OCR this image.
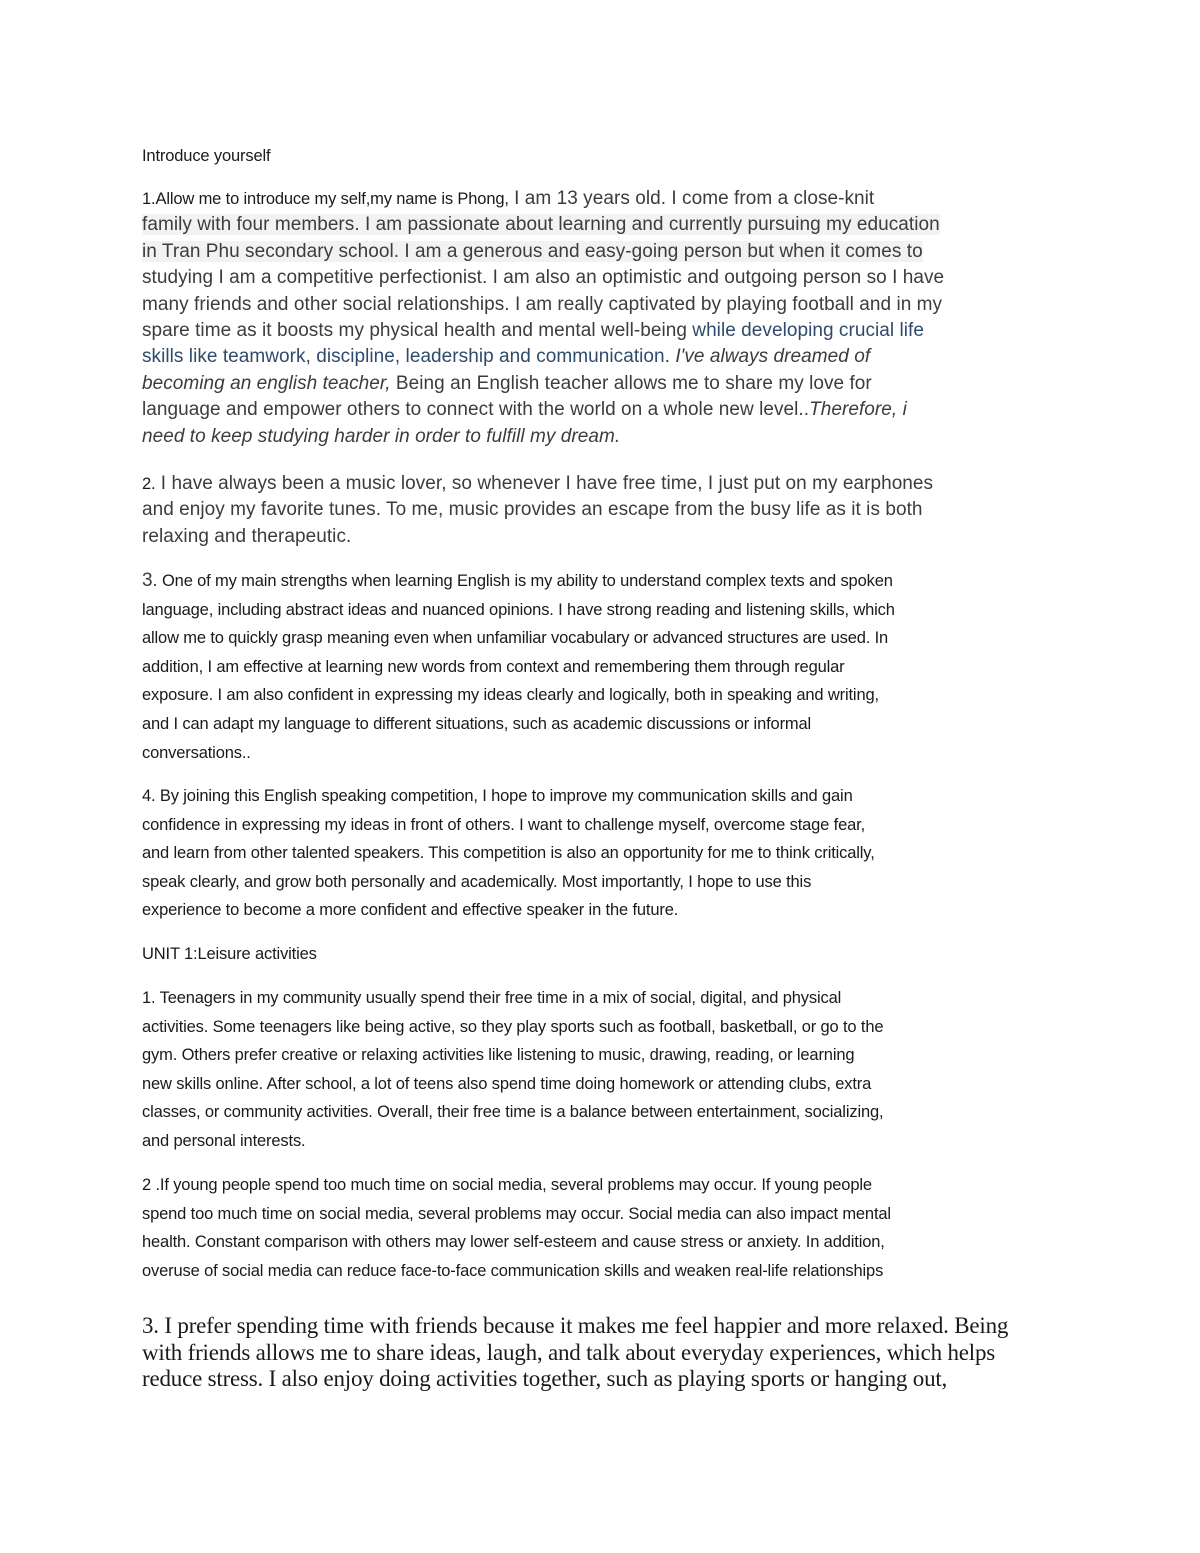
Introduce yourself
1.Allow me to introduce my self,my name is Phong, I am 13 years old. I come from a close-knit
family with four members. I am passionate about learning and currently pursuing my education
in Tran Phu secondary school. I am a generous and easy-going person but when it comes to
studying I am a competitive perfectionist. I am also an optimistic and outgoing person so I have
many friends and other social relationships. I am really captivated by playing football and in my
spare time as it boosts my physical health and mental well-being while developing crucial life
skills like teamwork, discipline, leadership and communication. I've always dreamed of
becoming an english teacher, Being an English teacher allows me to share my love for
language and empower others to connect with the world on a whole new level..Therefore, i
need to keep studying harder in order to fulfill my dream.
2. I have always been a music lover, so whenever I have free time, I just put on my earphones
and enjoy my favorite tunes. To me, music provides an escape from the busy life as it is both
relaxing and therapeutic.
3. One of my main strengths when learning English is my ability to understand complex texts and spoken
language, including abstract ideas and nuanced opinions. I have strong reading and listening skills, which
allow me to quickly grasp meaning even when unfamiliar vocabulary or advanced structures are used. In
addition, I am effective at learning new words from context and remembering them through regular
exposure. I am also confident in expressing my ideas clearly and logically, both in speaking and writing,
and I can adapt my language to different situations, such as academic discussions or informal
conversations..
4. By joining this English speaking competition, I hope to improve my communication skills and gain
confidence in expressing my ideas in front of others. I want to challenge myself, overcome stage fear,
and learn from other talented speakers. This competition is also an opportunity for me to think critically,
speak clearly, and grow both personally and academically. Most importantly, I hope to use this
experience to become a more confident and effective speaker in the future.
UNIT 1:Leisure activities
1. Teenagers in my community usually spend their free time in a mix of social, digital, and physical
activities. Some teenagers like being active, so they play sports such as football, basketball, or go to the
gym. Others prefer creative or relaxing activities like listening to music, drawing, reading, or learning
new skills online. After school, a lot of teens also spend time doing homework or attending clubs, extra
classes, or community activities. Overall, their free time is a balance between entertainment, socializing,
and personal interests.
2 .If young people spend too much time on social media, several problems may occur. If young people
spend too much time on social media, several problems may occur. Social media can also impact mental
health. Constant comparison with others may lower self-esteem and cause stress or anxiety. In addition,
overuse of social media can reduce face-to-face communication skills and weaken real-life relationships
3. I prefer spending time with friends because it makes me feel happier and more relaxed. Being
with friends allows me to share ideas, laugh, and talk about everyday experiences, which helps
reduce stress. I also enjoy doing activities together, such as playing sports or hanging out,
